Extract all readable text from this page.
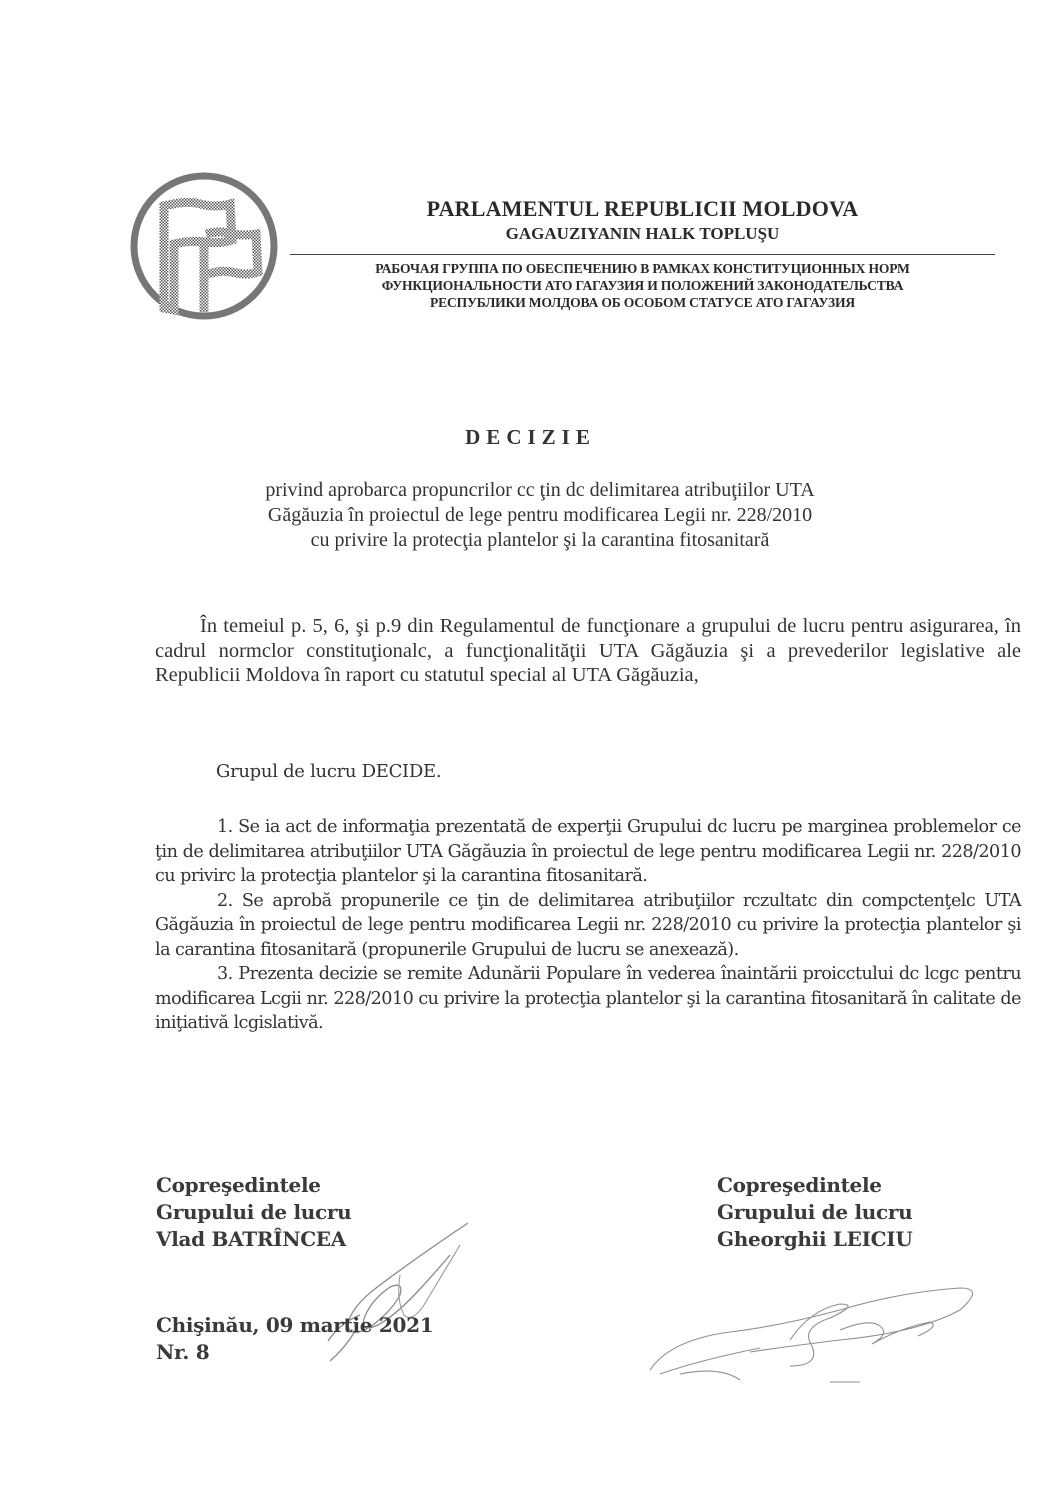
PARLAMENTUL REPUBLICII MOLDOVA
GAGAUZIYANIN HALK TOPLUŞU
РАБОЧАЯ ГРУППА ПО ОБЕСПЕЧЕНИЮ В РАМКАХ КОНСТИТУЦИОННЫХ НОРМ
ФУНКЦИОНАЛЬНОСТИ АТО ГАГАУЗИЯ И ПОЛОЖЕНИЙ ЗАКОНОДАТЕЛЬСТВА
РЕСПУБЛИКИ МОЛДОВА ОБ ОСОБОМ СТАТУСЕ АТО ГАГАУЗИЯ
DECIZIE
privind aprobarca propuncrilor cc ţin dc delimitarea atribuţiilor UTA
Găgăuzia în proiectul de lege pentru modificarea Legii nr. 228/2010
cu privire la protecţia plantelor şi la carantina fitosanitară
În temeiul p. 5, 6, şi p.9 din Regulamentul de funcţionare a grupului de lucru pentru asigurarea, în cadrul normclor constituţionalc, a funcţionalităţii UTA Găgăuzia şi a prevederilor legislative ale Republicii Moldova în raport cu statutul special al UTA Găgăuzia,
Grupul de lucru DECIDE.

1. Se ia act de informaţia prezentată de experţii Grupului dc lucru pe marginea problemelor ce ţin de delimitarea atribuţiilor UTA Găgăuzia în proiectul de lege pentru modificarea Legii nr. 228/2010 cu privirc la protecţia plantelor şi la carantina fitosanitară.

2. Se aprobă propunerile ce ţin de delimitarea atribuţiilor rczultatc din compctenţelc UTA Găgăuzia în proiectul de lege pentru modificarea Legii nr. 228/2010 cu privire la protecţia plantelor şi la carantina fitosanitară (propunerile Grupului de lucru se anexează).

3. Prezenta decizie se remite Adunării Populare în vederea înaintării proicctului dc lcgc pentru modificarea Lcgii nr. 228/2010 cu privire la protecţia plantelor şi la carantina fitosanitară în calitate de iniţiativă lcgislativă.

Copreşedintele
Grupului de lucru
Vlad BATRÎNCEA
Copreşedintele
Grupului de lucru
Gheorghii LEICIU
Chişinău, 09 martie 2021
Nr. 8
